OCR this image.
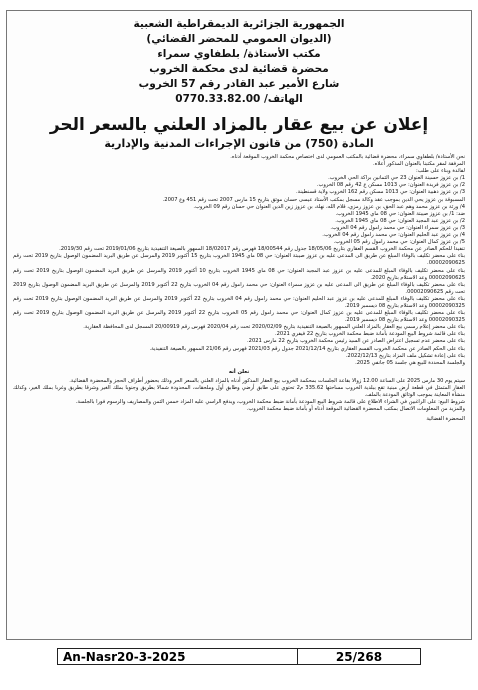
الجمهورية الجزائرية الديمقراطية الشعبية
(الديوان العمومي للمحضر القضائي)
مكتب الأستاذة/ بلطفاوي سمراء
محضرة قضائية لدى محكمة الخروب
شارع الأمير عبد القادر رقم 57 الخروب
الهاتف/ 0770.33.82.00
إعلان عن بيع عقار بالمزاد العلني بالسعر الحر
المادة (750) من قانون الإجراءات المدنية والإدارية

نحن الأستاذة/ بلطفاوي سمراء، محضرة قضائية بالمكتب العمومي لدى اختصاص محكمة الخروب الموقعة أدناه.

المرفقة لمقر مكتبنا بالعنوان المذكور أعلاه.

لفائدة وبناء على طلب:

1/ بن عزوز حسينة العنوان 23 حي الثمانين براكة الحي الخروب.

2/ بن عزوز فريدة العنوان: حي 1013 مسكن ع 42 رقم 08 الخروب.

3/ بن عزوز ذهبية العنوان: حي 1013 مسكن رقم 162 الخروب ولاية قسنطينة.

المسبوقة بن عزوز يحي الدين بموجب عقد وكالة مسجل بمكتب الأستاذ عيسى حسان موثق بتاريخ 15 مارس 2007 تحت رقم 451 وع 2007.

4/ ورثة بن عزوز محمد وهم عبد الحق، بن عزوز رمزي، قلام الله، نهلة، بن عزوز زين الدين العنوان حي حسان رقم 09 الخروب.

ضد: 1/ بن عزوز صيبتة العنوان: حي 08 ماي 1945 الخروب.

2/ بن عزوز عبد المجيد العنوان: حي 08 ماي 1945 الخروب.

3/ بن عزوز سمراء العنوان: حي محمد رامول رقم 04 الخروب.

4/ بن عزوز عبد الحليم العنوان: حي محمد رامول رقم 04 الخروب.

5/ بن عزوز كمال العنوان: حي محمد رامول رقم 05 الخروب.

تنفيذا للحكم الصادر عن محكمة الخروب القسم العقاري بتاريخ 18/05/06 جدول رقم 18/00544 فهرس رقم 18/02017 الممهور بالصيغة التنفيذية بتاريخ 2019/01/06 تحت رقم 2019/30.

بناء على محضر تكليف بالوفاء المبلغ عن طريق الى المدعى عليه بن عزوز صيبتة العنوان: حي 08 ماي 1945 الخروب بتاريخ 15 أكتوبر 2019 والمرسل عن طريق البريد المضمون الوصول بتاريخ 2019 تحت رقم 00002090625.

بناء على محضر تكليف بالوفاء المبلغ للمدعى عليه بن عزوز عبد المجيد العنوان: حي 08 ماي 1945 الخروب بتاريخ 10 أكتوبر 2019 والمرسل عن طريق البريد المضمون الوصول بتاريخ 2019 تحت رقم 00002090625 وعد الاستلام بتاريخ 2020.

بناء على محضر تكليف بالوفاء المبلغ عن طريق الى المدعى عليه بن عزوز سمراء العنوان: حي محمد رامول رقم 04 الخروب بتاريخ 22 أكتوبر 2019 والمرسل عن طريق البريد المضمون الوصول بتاريخ 2019 تحت رقم 00002090625.

بناء على محضر تكليف بالوفاء المبلغ للمدعى عليه بن عزوز عبد الحليم العنوان: حي محمد رامول رقم 04 الخروب بتاريخ 22 أكتوبر 2019 والمرسل عن طريق البريد المضمون الوصول بتاريخ 2019 تحت رقم 00002090325 وعد الاستلام بتاريخ 08 ديسمبر 2019.

بناء على محضر تكليف بالوفاء المبلغ للمدعى عليه بن عزوز كمال العنوان: حي محمد رامول رقم 05 الخروب بتاريخ 22 أكتوبر 2019 والمرسل عن طريق البريد المضمون الوصول بتاريخ 2019 تحت رقم 00002090325 وعد الاستلام بتاريخ 08 ديسمبر 2019.

بناء على محضر إعلام رسمي بيع العقار بالمزاد العلني الممهور بالصيغة التنفيذية بتاريخ 2020/02/09 تحت رقم 2020/04 فهرس رقم 20/00919 المسجل لدى المحافظة العقارية.

بناء على قائمة شروط البيع المودعة بأمانة ضبط محكمة الخروب بتاريخ 22 فيفري 2021.

بناء على محضر عدم تسجيل اعتراض الصادر عن السيد رئيس محكمة الخروب بتاريخ 22 مارس 2021.

بناء على الحكم الصادر عن محكمة الخروب القسم العقاري بتاريخ 2021/12/14 جدول رقم 2021/03 فهرس رقم 21/06 الممهور بالصيغة التنفيذية.

بناء على إعادة تشكيل ملف المزاد بتاريخ 2022/12/13.

والجلسة المحددة للبيع هي جلسة 05 جانفي 2025.

نعلن أنه

سيتم يوم 30 مارس 2025 على الساعة 12.00 زوالا بقاعة الجلسات بمحكمة الخروب بيع العقار المذكور أدناه بالمزاد العلني بالسعر الحر وذلك بحضور أطراف الحجز والمحضرة القضائية.

العقار المتمثل في قطعة أرض مبنية تقع ببلدية الخروب مساحتها 335.62 م2 تحتوي على طابق أرضي وطابق أول وملحقات، المحدودة شمالا بطريق وجنوبا بملك الغير وشرقا بطريق وغربا بملك الغير، وكذلك منشأة المعاينة بموجب الوثائق المودعة بالملف.

شروط البيع: على الراغبين في الشراء الاطلاع على قائمة شروط البيع المودعة بأمانة ضبط محكمة الخروب، ويدفع الراسي عليه المزاد خمس الثمن والمصاريف والرسوم فورا بالجلسة.

وللمزيد من المعلومات الاتصال بمكتب المحضرة القضائية الموقعة أدناه أو بأمانة ضبط محكمة الخروب.

المحضرة القضائية
An-Nasr20-3-2025	25/268
